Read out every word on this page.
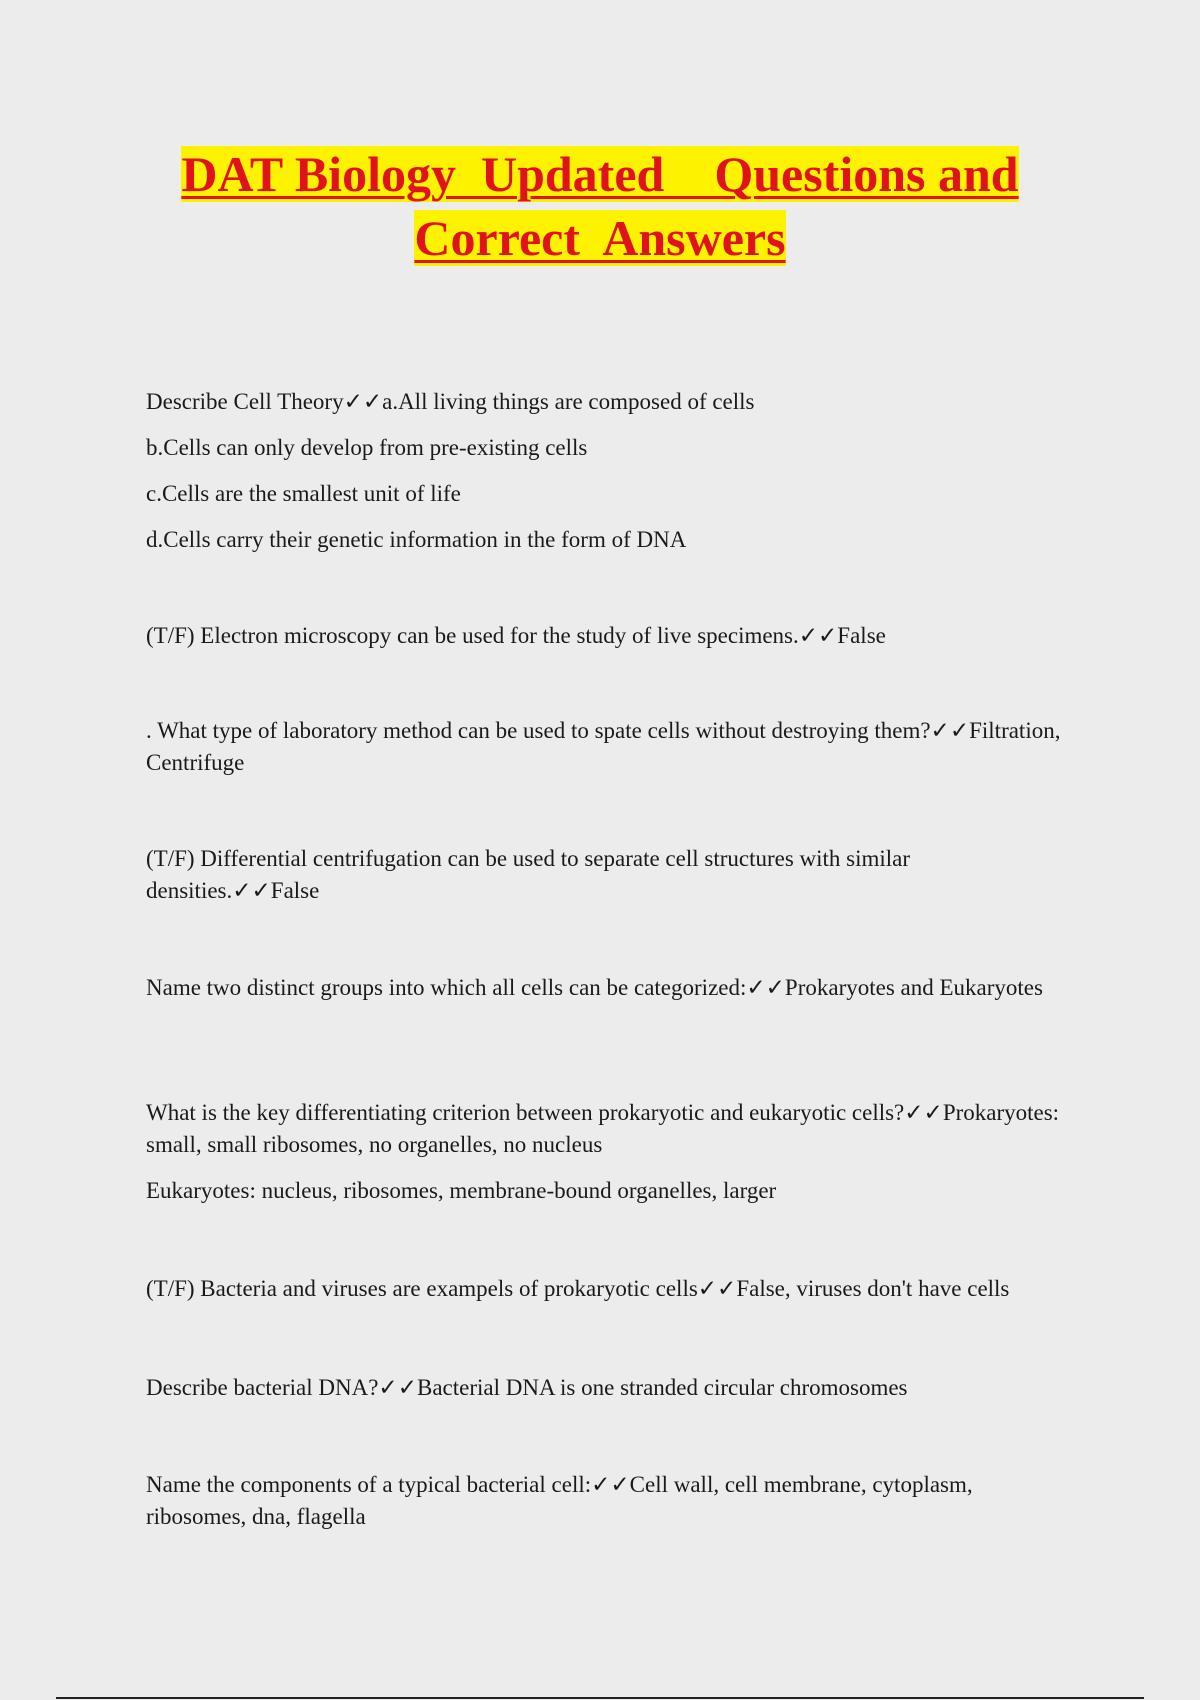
DAT Biology  Updated    Questions and
Correct  Answers

Describe Cell Theory✓✓a.All living things are composed of cells

b.Cells can only develop from pre-existing cells

c.Cells are the smallest unit of life

d.Cells carry their genetic information in the form of DNA

(T/F) Electron microscopy can be used for the study of live specimens.✓✓False

. What type of laboratory method can be used to spate cells without destroying them?✓✓Filtration, Centrifuge

(T/F) Differential centrifugation can be used to separate cell structures with similar densities.✓✓False

Name two distinct groups into which all cells can be categorized:✓✓Prokaryotes and Eukaryotes

What is the key differentiating criterion between prokaryotic and eukaryotic cells?✓✓Prokaryotes: small, small ribosomes, no organelles, no nucleus

Eukaryotes: nucleus, ribosomes, membrane-bound organelles, larger

(T/F) Bacteria and viruses are exampels of prokaryotic cells✓✓False, viruses don't have cells

Describe bacterial DNA?✓✓Bacterial DNA is one stranded circular chromosomes

Name the components of a typical bacterial cell:✓✓Cell wall, cell membrane, cytoplasm, ribosomes, dna, flagella
